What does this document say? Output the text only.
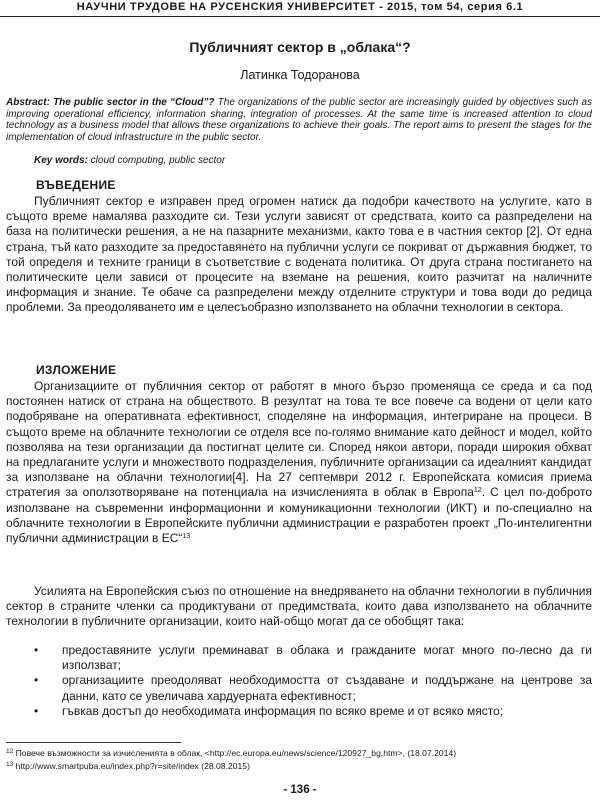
НАУЧНИ ТРУДОВЕ НА РУСЕНСКИЯ УНИВЕРСИТЕТ - 2015, том 54, серия 6.1
Публичният сектор в „облака“?
Латинка Тодоранова
Abstract: The public sector in the “Cloud”? The organizations of the public sector are increasingly guided by objectives such as improving operational efficiency, information sharing, integration of processes. At the same time is increased attention to cloud technology as a business model that allows these organizations to achieve their goals. The report aims to present the stages for the implementation of cloud infrastructure in the public sector.
Key words: cloud computing, public sector
ВЪВЕДЕНИЕ
Публичният сектор е изправен пред огромен натиск да подобри качеството на услугите, като в същото време намалява разходите си. Тези услуги зависят от средствата, които са разпределени на база на политически решения, а не на пазарните механизми, както това е в частния сектор [2]. От една страна, тъй като разходите за предоставянето на публични услуги се покриват от държавния бюджет, то той определя и техните граници в съответствие с водената политика. От друга страна постигането на политическите цели зависи от процесите на вземане на решения, които разчитат на наличните информация и знание. Те обаче са разпределени между отделните структури и това води до редица проблеми. За преодоляването им е целесъобразно използването на облачни технологии в сектора.
ИЗЛОЖЕНИЕ
Организациите от публичния сектор от работят в много бързо променяща се среда и са под постоянен натиск от страна на обществото. В резултат на това те все повече са водени от цели като подобряване на оперативната ефективност, споделяне на информация, интегриране на процеси. В същото време на облачните технологии се отделя все по-голямо внимание като дейност и модел, който позволява на тези организации да постигнат целите си. Според някои автори, поради широкия обхват на предлаганите услуги и множеството подразделения, публичните организации са идеалният кандидат за използване на облачни технологии[4]. На 27 септември 2012 г. Европейската комисия приема стратегия за оползотворяване на потенциала на изчисленията в облак в Европа$^{12}$. С цел по-доброто използване на съвременни информационни и комуникационни технологии (ИКТ) и по-специално на облачните технологии в Европейските публични администрации е разработен проект „По-интелигентни публични администрации в ЕС“$^{13}$
Усилията на Европейския съюз по отношение на внедряването на облачни технологии в публичния сектор в страните членки са продиктувани от предимствата, които дава използването на облачните технологии в публичните организации, които най-общо могат да се обобщят така:
• предоставяните услуги преминават в облака и гражданите могат много по-лесно да ги използват;
• организациите преодоляват необходимостта от създаване и поддържане на центрове за данни, като се увеличава хардуерната ефективност;
• гъвкав достъп до необходимата информация по всяко време и от всяко място;
$^{12}$ Повече възможности за изчисленията в облак, <http://ec.europa.eu/news/science/120927_bg.htm>, (18.07.2014)
$^{13}$ http://www.smartpuba.eu/index.php?r=site/index (28.08.2015)
- 136 -
